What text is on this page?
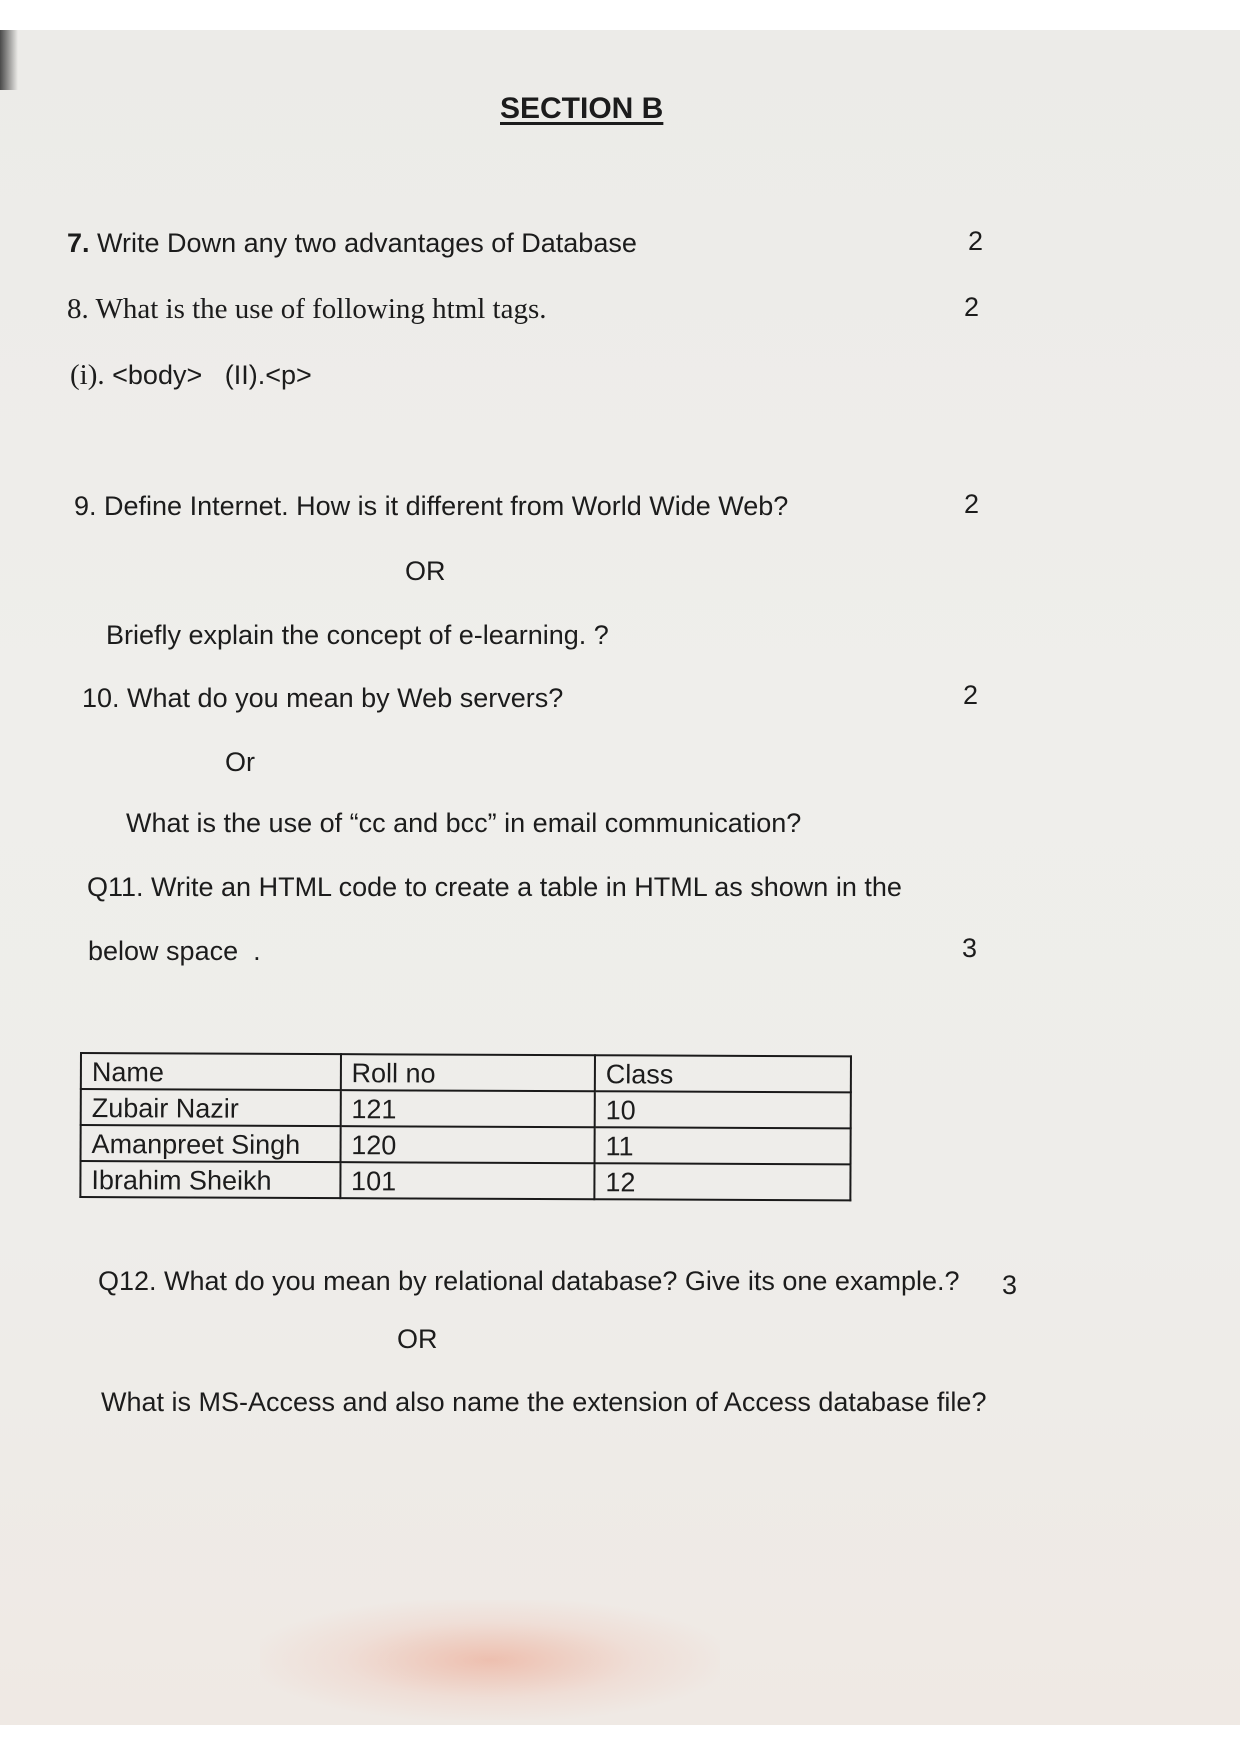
SECTION B
7. Write Down any two advantages of Database	2
8. What is the use of following html tags.	2
(i). <body>   (II).<p>
9. Define Internet. How is it different from World Wide Web?	2
OR
Briefly explain the concept of e-learning. ?
10. What do you mean by Web servers?	2
Or
What is the use of “cc and bcc” in email communication?
Q11. Write an HTML code to create a table in HTML as shown in the
below space  .	3
Name	Roll no	Class
Zubair Nazir	121	10
Amanpreet Singh	120	11
Ibrahim Sheikh	101	12
Q12. What do you mean by relational database? Give its one example.? 3
OR
What is MS-Access and also name the extension of Access database file?
